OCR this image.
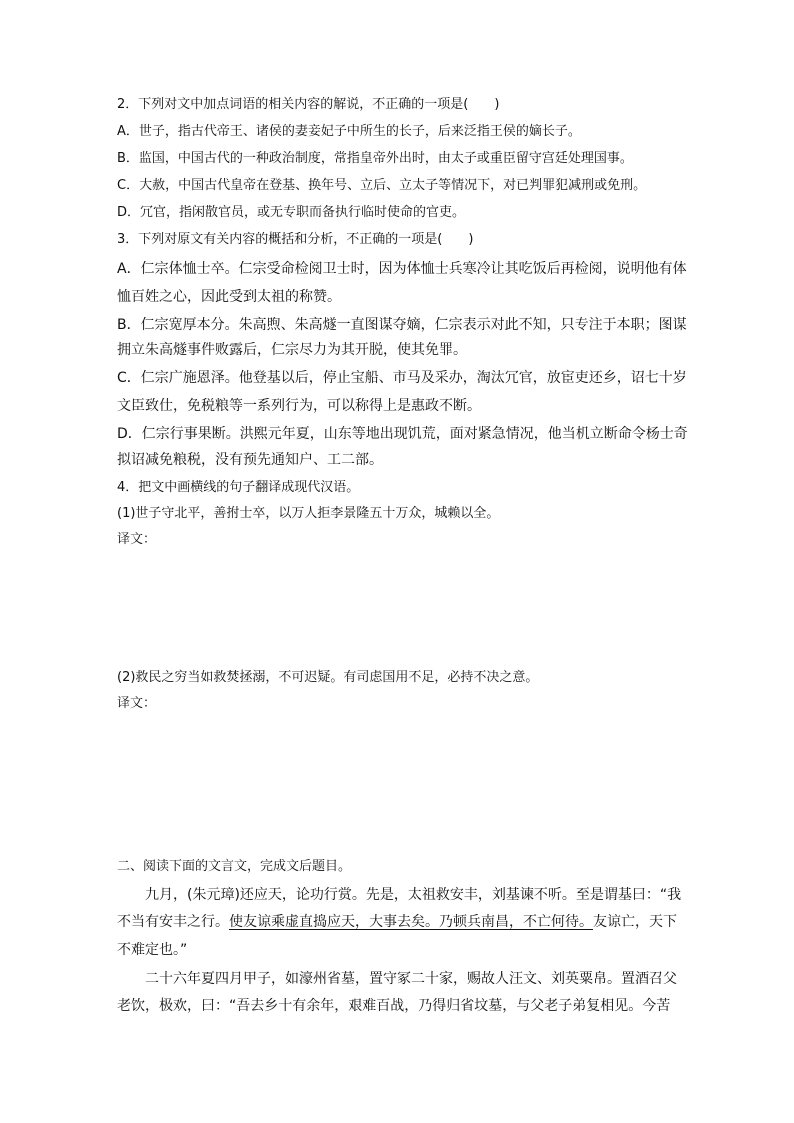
2．下列对文中加点词语的相关内容的解说，不正确的一项是(　　)
A．世子，指古代帝王、诸侯的妻妾妃子中所生的长子，后来泛指王侯的嫡长子。
B．监国，中国古代的一种政治制度，常指皇帝外出时，由太子或重臣留守宫廷处理国事。
C．大赦，中国古代皇帝在登基、换年号、立后、立太子等情况下，对已判罪犯减刑或免刑。
D．冗官，指闲散官员，或无专职而备执行临时使命的官吏。
3．下列对原文有关内容的概括和分析，不正确的一项是(　　)
A．仁宗体恤士卒。仁宗受命检阅卫士时，因为体恤士兵寒冷让其吃饭后再检阅，说明他有体
恤百姓之心，因此受到太祖的称赞。
B．仁宗宽厚本分。朱高煦、朱高燧一直图谋夺嫡，仁宗表示对此不知，只专注于本职；图谋
拥立朱高燧事件败露后，仁宗尽力为其开脱，使其免罪。
C．仁宗广施恩泽。他登基以后，停止宝船、市马及采办，淘汰冗官，放宦吏还乡，诏七十岁
文臣致仕，免税粮等一系列行为，可以称得上是惠政不断。
D．仁宗行事果断。洪熙元年夏，山东等地出现饥荒，面对紧急情况，他当机立断命令杨士奇
拟诏减免粮税，没有预先通知户、工二部。
4．把文中画横线的句子翻译成现代汉语。
(1)世子守北平，善拊士卒，以万人拒李景隆五十万众，城赖以全。
译文：
(2)救民之穷当如救焚拯溺，不可迟疑。有司虑国用不足，必持不决之意。
译文：
二、阅读下面的文言文，完成文后题目。
　　九月，(朱元璋)还应天，论功行赏。先是，太祖救安丰，刘基谏不听。至是谓基曰：“我
不当有安丰之行。使友谅乘虚直捣应天，大事去矣。乃顿兵南昌，不亡何待。友谅亡，天下
不难定也。”
　　二十六年夏四月甲子，如濠州省墓，置守冢二十家，赐故人汪文、刘英粟帛。置酒召父
老饮，极欢，曰：“吾去乡十有余年，艰难百战，乃得归省坟墓，与父老子弟复相见。今苦
